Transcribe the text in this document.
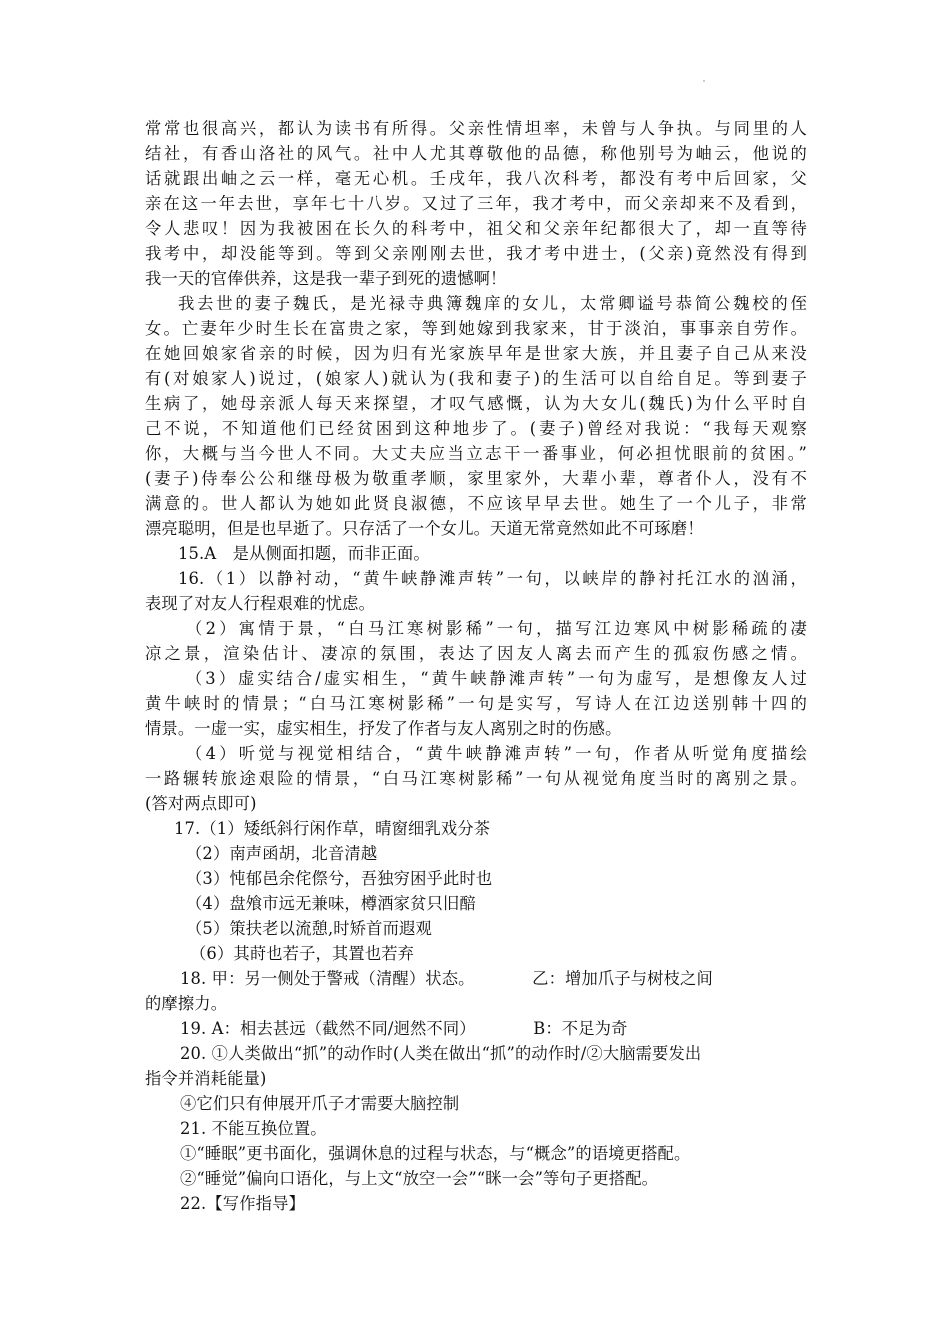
常常也很高兴，都认为读书有所得。父亲性情坦率，未曾与人争执。与同里的人
结社，有香山洛社的风气。社中人尤其尊敬他的品德，称他别号为岫云，他说的
话就跟出岫之云一样，毫无心机。壬戌年，我八次科考，都没有考中后回家，父
亲在这一年去世，享年七十八岁。又过了三年，我才考中，而父亲却来不及看到，
令人悲叹！因为我被困在长久的科考中，祖父和父亲年纪都很大了，却一直等待
我考中，却没能等到。等到父亲刚刚去世，我才考中进士，(父亲)竟然没有得到
我一天的官俸供养，这是我一辈子到死的遗憾啊！
我去世的妻子魏氏，是光禄寺典簿魏庠的女儿，太常卿谥号恭简公魏校的侄
女。亡妻年少时生长在富贵之家，等到她嫁到我家来，甘于淡泊，事事亲自劳作。
在她回娘家省亲的时候，因为归有光家族早年是世家大族，并且妻子自己从来没
有(对娘家人)说过，(娘家人)就认为(我和妻子)的生活可以自给自足。等到妻子
生病了，她母亲派人每天来探望，才叹气感慨，认为大女儿(魏氏)为什么平时自
己不说，不知道他们已经贫困到这种地步了。(妻子)曾经对我说：“我每天观察
你，大概与当今世人不同。大丈夫应当立志干一番事业，何必担忧眼前的贫困。”
(妻子)侍奉公公和继母极为敬重孝顺，家里家外，大辈小辈，尊者仆人，没有不
满意的。世人都认为她如此贤良淑德，不应该早早去世。她生了一个儿子，非常
漂亮聪明，但是也早逝了。只存活了一个女儿。天道无常竟然如此不可琢磨！
15.A　是从侧面扣题，而非正面。
16.（1）以静衬动，“黄牛峡静滩声转”一句，以峡岸的静衬托江水的汹涌，
表现了对友人行程艰难的忧虑。
（2）寓情于景，“白马江寒树影稀”一句，描写江边寒风中树影稀疏的凄
凉之景，渲染估计、凄凉的氛围，表达了因友人离去而产生的孤寂伤感之情。
（3）虚实结合/虚实相生，“黄牛峡静滩声转”一句为虚写，是想像友人过
黄牛峡时的情景；“白马江寒树影稀”一句是实写，写诗人在江边送别韩十四的
情景。一虚一实，虚实相生，抒发了作者与友人离别之时的伤感。
（4）听觉与视觉相结合，“黄牛峡静滩声转”一句，作者从听觉角度描绘
一路辗转旅途艰险的情景，“白马江寒树影稀”一句从视觉角度当时的离别之景。
(答对两点即可)
17.（1）矮纸斜行闲作草，晴窗细乳戏分茶
（2）南声函胡，北音清越
（3）忳郁邑余侘傺兮，吾独穷困乎此时也
（4）盘飧市远无兼味，樽酒家贫只旧醅
（5）策扶老以流憩,时矫首而遐观
（6）其莳也若子，其置也若弃
18. 甲：另一侧处于警戒（清醒）状态。　　　　乙：增加爪子与树枝之间
的摩擦力。
19. A：相去甚远（截然不同/迥然不同）　　　　B：不足为奇
20. ①人类做出“抓”的动作时(人类在做出“抓”的动作时/②大脑需要发出
指令并消耗能量)
④它们只有伸展开爪子才需要大脑控制
21. 不能互换位置。
①“睡眠”更书面化，强调休息的过程与状态，与“概念”的语境更搭配。
②“睡觉”偏向口语化，与上文“放空一会”“眯一会”等句子更搭配。
22.【写作指导】
